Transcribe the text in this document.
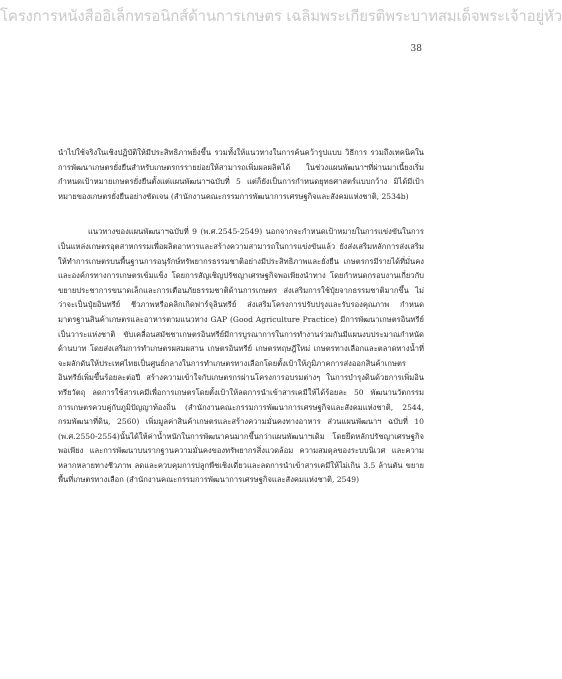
โครงการหนังสืออิเล็กทรอนิกส์ด้านการเกษตร เฉลิมพระเกียรติพระบาทสมเด็จพระเจ้าอยู่หัว
38

นำไปใช้จริงในเชิงปฏิบัติให้มีประสิทธิภาพยิ่งขึ้น รวมทั้งให้แนวทางในการค้นคว้ารูปแบบ วิธีการ รวมถึงเทคนิคในการพัฒนาเกษตรยั่งยืนสำหรับเกษตรกรรายย่อยให้สามารถเพิ่มผลผลิตได้ ในช่วงแผนพัฒนาฯที่ผ่านมาเนี้ยงเริ่มกำหนดเป้าหมายเกษตรยั่งยืนตั้งแต่แผนพัฒนาฯฉบับที่ 5 แต่ก็ยังเป็นการกำหนดยุทธศาสตร์แบบกว้าง มิได้มีเป้าหมายของเกษตรยั่งยืนอย่างชัดเจน (สำนักงานคณะกรรมการพัฒนาการเศรษฐกิจและสังคมแห่งชาติ, 2534b)

แนวทางของแผนพัฒนาฯฉบับที่ 9 (พ.ศ.2545-2549) นอกจากจะกำหนดเป้าหมายในการแข่งขันในการเป็นแหล่งเกษตรอุตสาหกรรมเพื่อผลิตอาหารและสร้างความสามารถในการแข่งขันแล้ว ยังส่งเสริมหลักการส่งเสริมให้ทำการเกษตรบนพื้นฐานการอนุรักษ์ทรัพยากรธรรมชาติอย่างมีประสิทธิภาพและยั่งยืน เกษตรกรมีรายได้ที่มั่นคง และองค์กรทางการเกษตรเข้มแข็ง โดยการสัญเชิญปรัชญาเศรษฐกิจพอเพียงนำทาง โดยกำหนดกรอบงานเกี่ยวกับขยายประชาการขนาดเล็กและการเตือนภัยธรรมชาติด้านการเกษตร ส่งเสริมการใช้ปุ๋ยจากธรรมชาติมากขึ้น ไม่ว่าจะเป็นปุ๋ยอินทรีย์ ชีวภาพหรือคลิกเกิดฟาร์จุลินทรีย์ ส่งเสริมโครงการปรับปรุงและรับรองคุณภาพ กำหนดมาตรฐานสินค้าเกษตรและอาหารตามแนวทาง GAP (Good Agriculture Practice) มีการพัฒนาเกษตรอินทรีย์เป็นวาระแห่งชาติ ขับเคลื่อนสมัชชาเกษตรอินทรีย์มีการบูรณาการในการทำงานร่วมกันมีแผนงบประมาณกำหนัดด้านบาท โดยส่งเสริมการทำเกษตรผสมผสาน เกษตรอินทรีย์ เกษตรทฤษฎีใหม่ เกษตรทางเลือกและตลาดทางน้ำที่จะผลักดันให้ประเทศไทยเป็นศูนย์กลางในการทำเกษตรทางเลือกโดยตั้งเป้าให้ภูมิภาคการส่งออกสินค้าเกษตรอินทรีย์เพิ่มขึ้นร้อยละต่อปี สร้างความเข้าใจกับเกษตรกรผ่านโครงการอบรมต่างๆ ในการบำรุงดินด้วยการเพิ่มอินทรียวัตถุ ลดการใช้สารเคมีเพื่อการเกษตรโดยตั้งเป้าให้ลดการนำเข้าสารเคมีให้ได้ร้อยละ 50 พัฒนานวัตกรรมการเกษตรควบคู่กับภูมิปัญญาท้องถิ่น (สำนักงานคณะกรรมการพัฒนาการเศรษฐกิจและสังคมแห่งชาติ, 2544, กรมพัฒนาที่ดิน, 2560) เพิ่มมูลค่าสินค้าเกษตรและสร้างความมั่นคงทางอาหาร ส่วนแผนพัฒนาฯ ฉบับที่ 10 (พ.ศ.2550-2554)นั้นได้ให้ค่าน้ำหนักในการพัฒนาคนมากขึ้นกว่าแผนพัฒนาฯเดิม โดยยึดหลักปรัชญาเศรษฐกิจพอเพียง และการพัฒนาบนรากฐานความมั่นคงของทรัพยากรสิ่งแวดล้อม ความสมดุลของระบบนิเวศ และความหลากหลายทางชีวภาพ ลดและควบคุมการปลูกพืชเชิงเดี่ยวและลดการนำเข้าสารเคมีให้ไม่เกิน 3.5 ล้านตัน ขยายพื้นที่เกษตรทางเลือก (สำนักงานคณะกรรมการพัฒนาการเศรษฐกิจและสังคมแห่งชาติ, 2549)
